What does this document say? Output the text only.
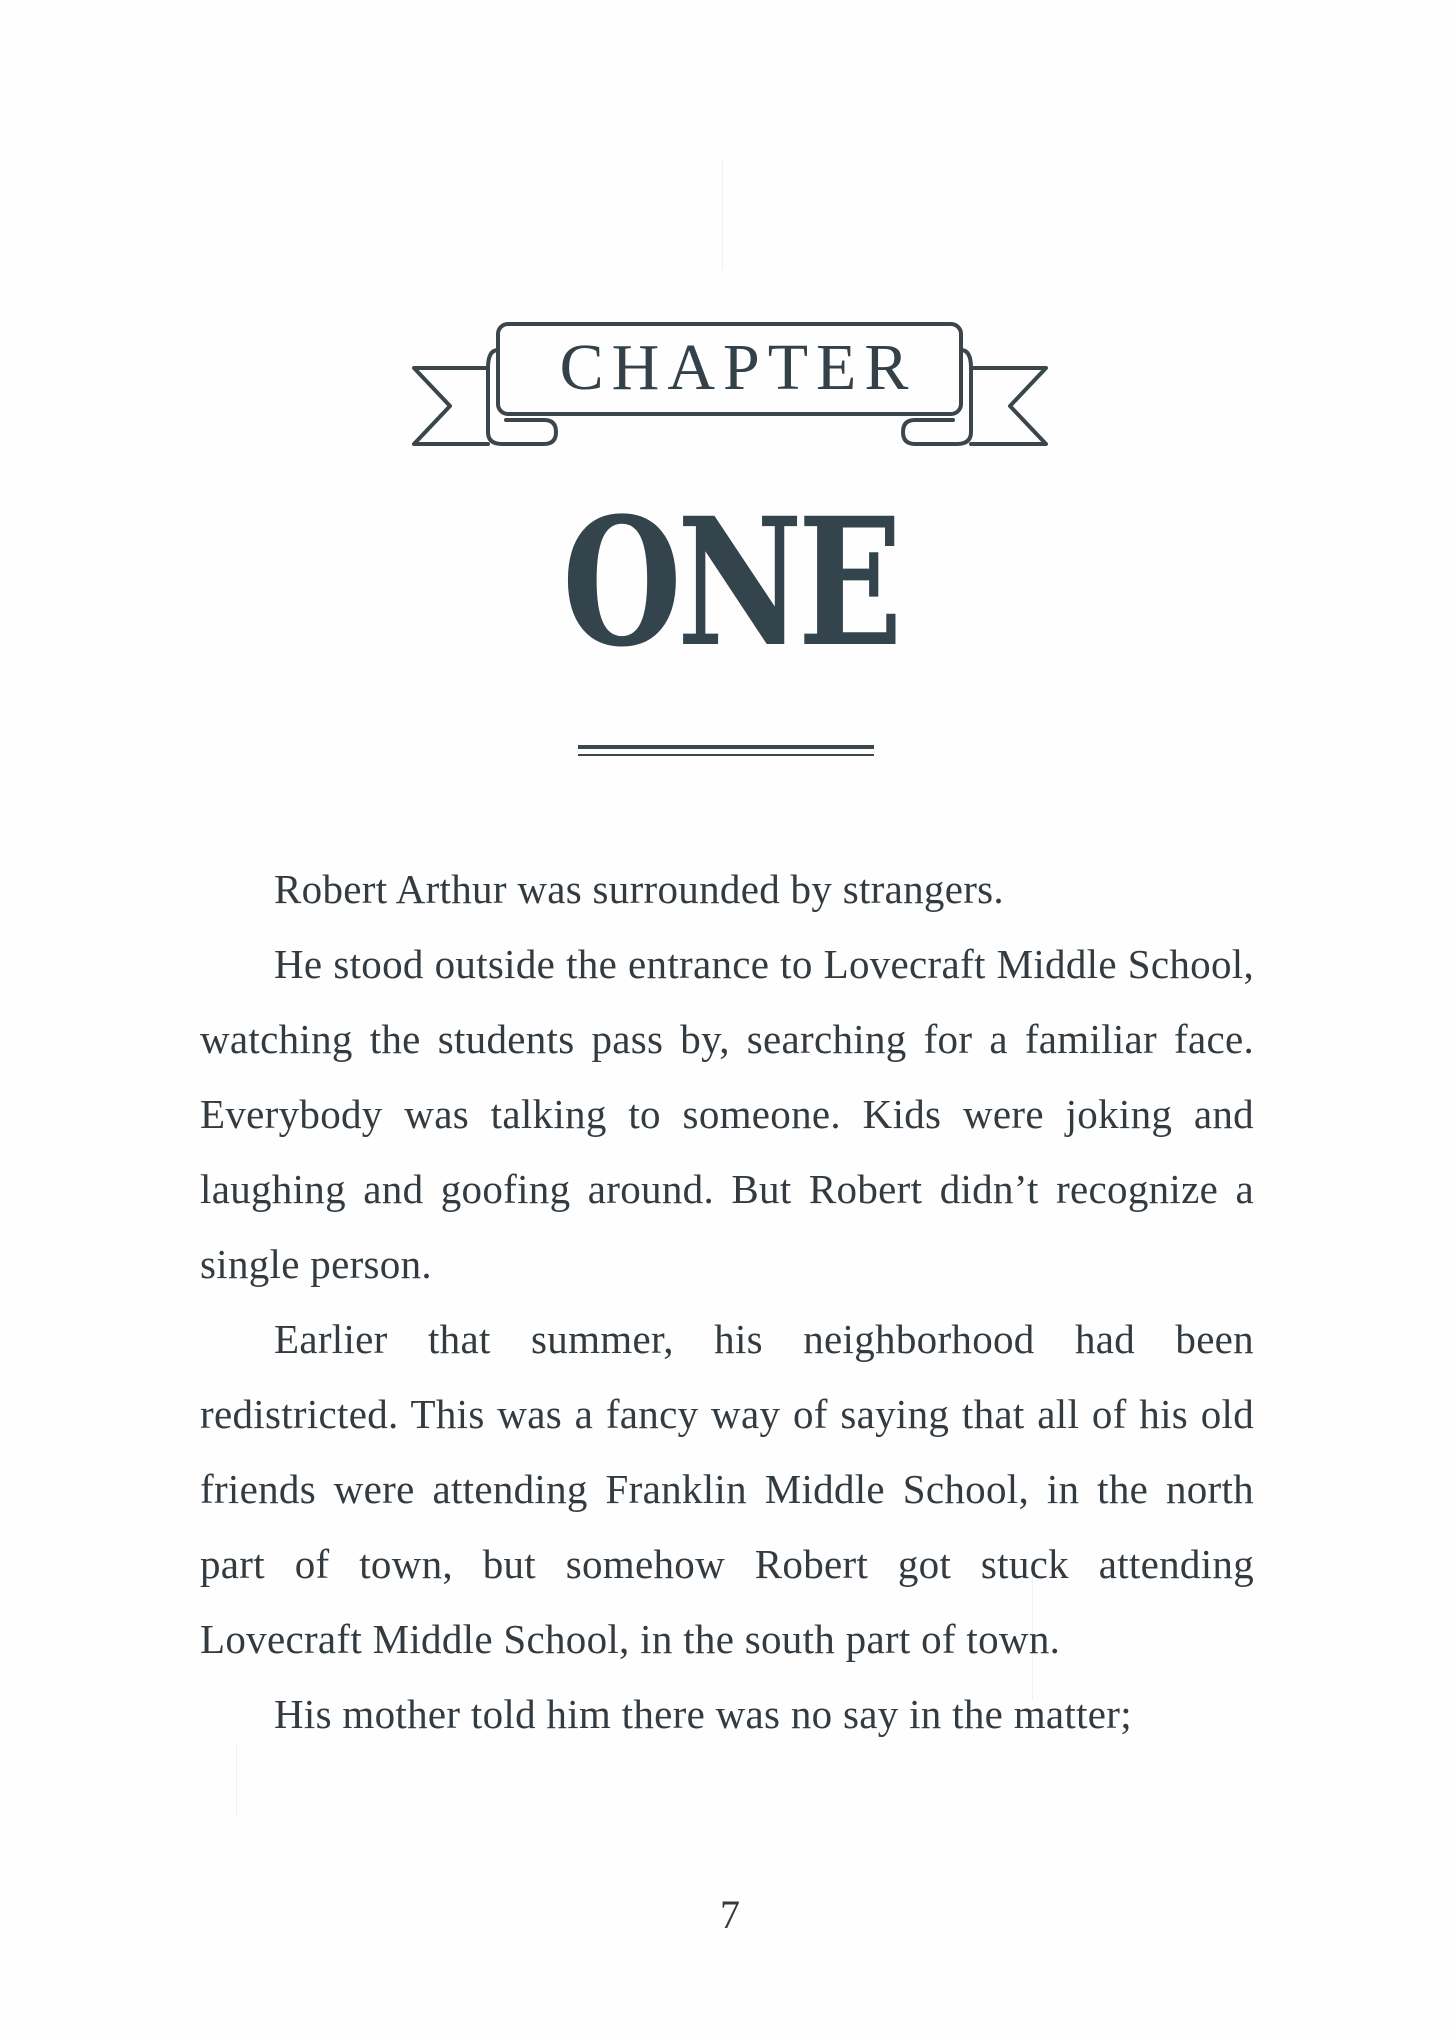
CHAPTER
ONE

Robert Arthur was surrounded by strangers.

He stood outside the entrance to Lovecraft Middle School, watching the students pass by, searching for a familiar face. Everybody was talking to someone. Kids were joking and laughing and goofing around. But Robert didn’t recognize a single person.

Earlier that summer, his neighborhood had been redistricted. This was a fancy way of saying that all of his old friends were attending Franklin Middle School, in the north part of town, but somehow Robert got stuck attending Lovecraft Middle School, in the south part of town.

His mother told him there was no say in the matter;

7
